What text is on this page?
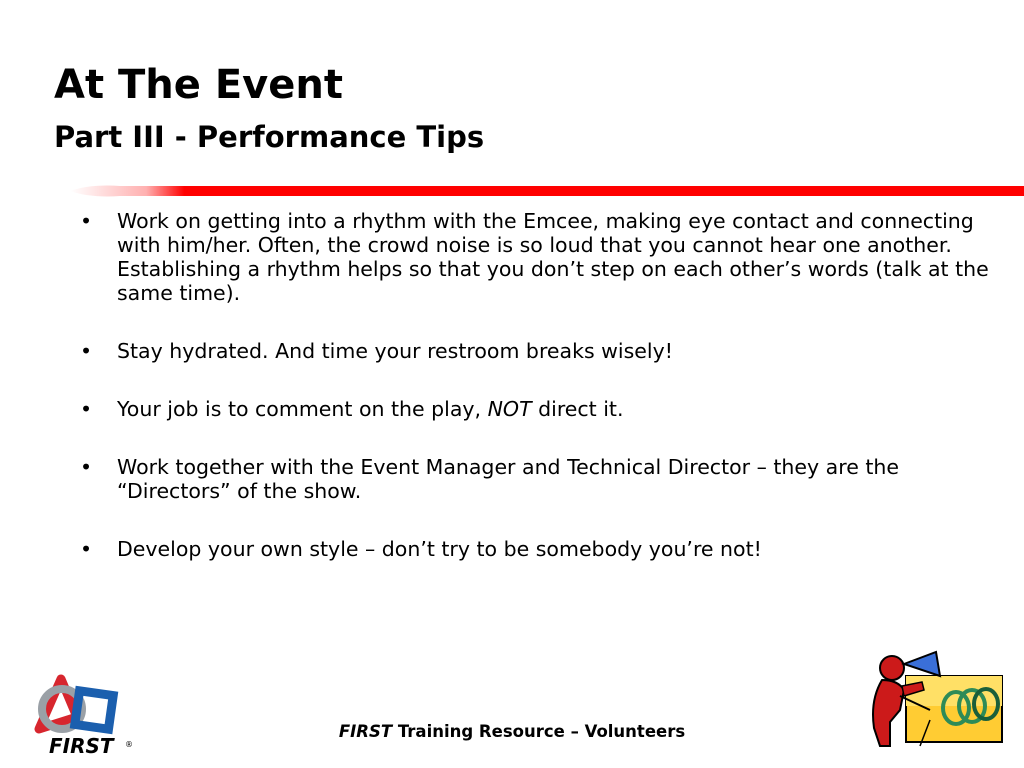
At The Event
Part III - Performance Tips
• Work on getting into a rhythm with the Emcee, making eye contact and connecting with him/her. Often, the crowd noise is so loud that you cannot hear one another. Establishing a rhythm helps so that you don’t step on each other’s words (talk at the same time).
• Stay hydrated. And time your restroom breaks wisely!
• Your job is to comment on the play, NOT direct it.
• Work together with the Event Manager and Technical Director – they are the “Directors” of the show.
• Develop your own style – don’t try to be somebody you’re not!
FIRST ®
FIRST Training Resource – Volunteers
